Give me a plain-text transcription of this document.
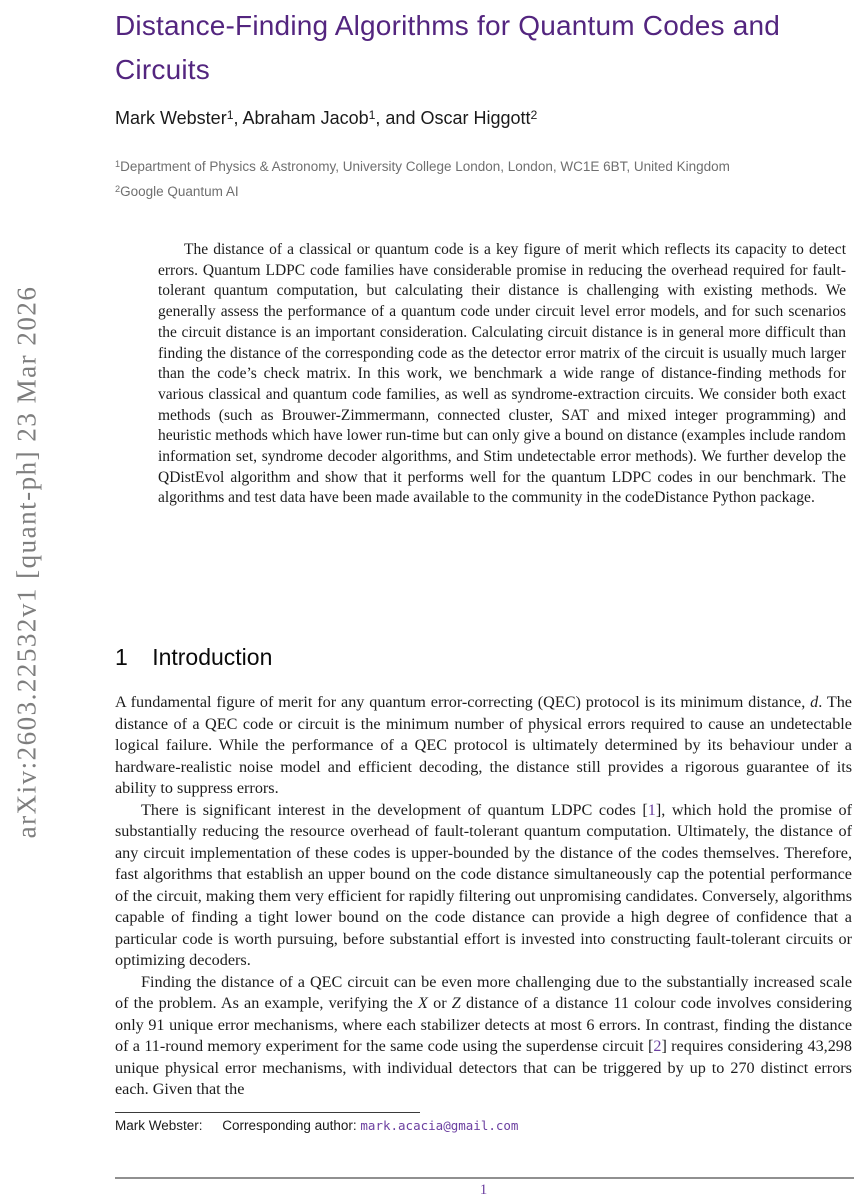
arXiv:2603.22532v1 [quant-ph] 23 Mar 2026
Distance-Finding Algorithms for Quantum Codes and Circuits
Mark Webster$^1$, Abraham Jacob$^1$, and Oscar Higgott$^2$
$^1$Department of Physics & Astronomy, University College London, London, WC1E 6BT, United Kingdom
$^2$Google Quantum AI
The distance of a classical or quantum code is a key figure of merit which reflects its capacity to detect errors. Quantum LDPC code families have considerable promise in reducing the overhead required for fault-tolerant quantum computation, but calculating their distance is challenging with existing methods. We generally assess the performance of a quantum code under circuit level error models, and for such scenarios the circuit distance is an important consideration. Calculating circuit distance is in general more difficult than finding the distance of the corresponding code as the detector error matrix of the circuit is usually much larger than the code’s check matrix. In this work, we benchmark a wide range of distance-finding methods for various classical and quantum code families, as well as syndrome-extraction circuits. We consider both exact methods (such as Brouwer-Zimmermann, connected cluster, SAT and mixed integer programming) and heuristic methods which have lower run-time but can only give a bound on distance (examples include random information set, syndrome decoder algorithms, and Stim undetectable error methods). We further develop the QDistEvol algorithm and show that it performs well for the quantum LDPC codes in our benchmark. The algorithms and test data have been made available to the community in the codeDistance Python package.
1 Introduction

A fundamental figure of merit for any quantum error-correcting (QEC) protocol is its minimum distance, d. The distance of a QEC code or circuit is the minimum number of physical errors required to cause an undetectable logical failure. While the performance of a QEC protocol is ultimately determined by its behaviour under a hardware-realistic noise model and efficient decoding, the distance still provides a rigorous guarantee of its ability to suppress errors.

There is significant interest in the development of quantum LDPC codes [1], which hold the promise of substantially reducing the resource overhead of fault-tolerant quantum computation. Ultimately, the distance of any circuit implementation of these codes is upper-bounded by the distance of the codes themselves. Therefore, fast algorithms that establish an upper bound on the code distance simultaneously cap the potential performance of the circuit, making them very efficient for rapidly filtering out unpromising candidates. Conversely, algorithms capable of finding a tight lower bound on the code distance can provide a high degree of confidence that a particular code is worth pursuing, before substantial effort is invested into constructing fault-tolerant circuits or optimizing decoders.

Finding the distance of a QEC circuit can be even more challenging due to the substantially increased scale of the problem. As an example, verifying the X or Z distance of a distance 11 colour code involves considering only 91 unique error mechanisms, where each stabilizer detects at most 6 errors. In contrast, finding the distance of a 11-round memory experiment for the same code using the superdense circuit [2] requires considering 43,298 unique physical error mechanisms, with individual detectors that can be triggered by up to 270 distinct errors each. Given that the

Mark Webster: Corresponding author: mark.acacia@gmail.com
1
